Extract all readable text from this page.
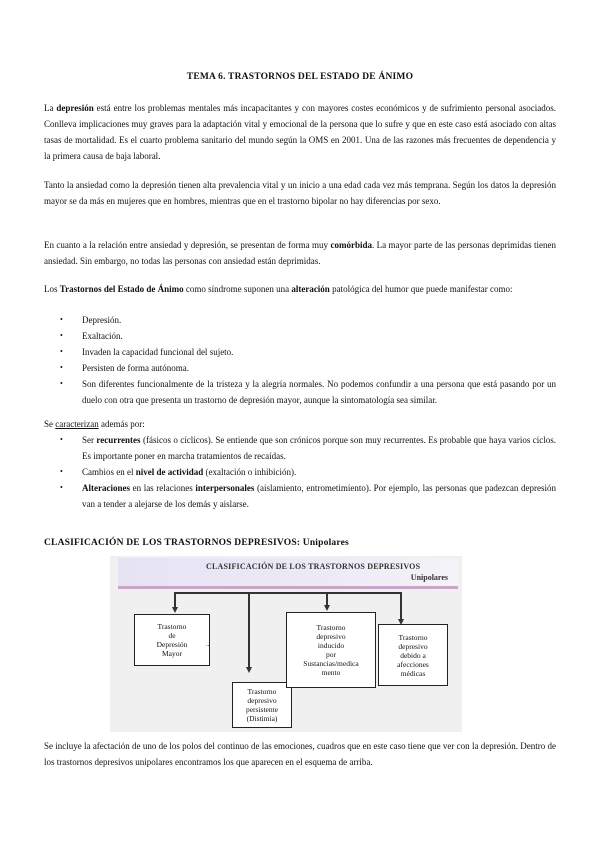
TEMA 6. TRASTORNOS DEL ESTADO DE ÁNIMO

La depresión está entre los problemas mentales más incapacitantes y con mayores costes económicos y de sufrimiento personal asociados. Conlleva implicaciones muy graves para la adaptación vital y emocional de la persona que lo sufre y que en este caso está asociado con altas tasas de mortalidad. Es el cuarto problema sanitario del mundo según la OMS en 2001. Una de las razones más frecuentes de dependencia y la primera causa de baja laboral.

Tanto la ansiedad como la depresión tienen alta prevalencia vital y un inicio a una edad cada vez más temprana. Según los datos la depresión mayor se da más en mujeres que en hombres, mientras que en el trastorno bipolar no hay diferencias por sexo.

En cuanto a la relación entre ansiedad y depresión, se presentan de forma muy comórbida. La mayor parte de las personas deprimidas tienen ansiedad. Sin embargo, no todas las personas con ansiedad están deprimidas.

Los Trastornos del Estado de Ánimo como síndrome suponen una alteración patológica del humor que puede manifestar como:

• Depresión.
• Exaltación.
• Invaden la capacidad funcional del sujeto.
• Persisten de forma autónoma.
• Son diferentes funcionalmente de la tristeza y la alegría normales. No podemos confundir a una persona que está pasando por un duelo con otra que presenta un trastorno de depresión mayor, aunque la sintomatología sea similar.

Se caracterizan además por:

• Ser recurrentes (fásicos o cíclicos). Se entiende que son crónicos porque son muy recurrentes. Es probable que haya varios ciclos. Es importante poner en marcha tratamientos de recaídas.
• Cambios en el nivel de actividad (exaltación o inhibición).
• Alteraciones en las relaciones interpersonales (aislamiento, entrometimiento). Por ejemplo, las personas que padezcan depresión van a tender a alejarse de los demás y aislarse.
CLASIFICACIÓN DE LOS TRASTORNOS DEPRESIVOS: Unipolares
CLASIFICACIÓN DE LOS TRASTORNOS DEPRESIVOS
Unipolares
Trastorno
de
Depresión
Mayor
..
Trastorno
depresivo
persistente
(Distimia)
Trastorno
depresivo
inducido
por
Sustancias/medica
mento
Trastorno
depresivo
debido a
afecciones
médicas

Se incluye la afectación de uno de los polos del continuo de las emociones, cuadros que en este caso tiene que ver con la depresión. Dentro de los trastornos depresivos unipolares encontramos los que aparecen en el esquema de arriba.
